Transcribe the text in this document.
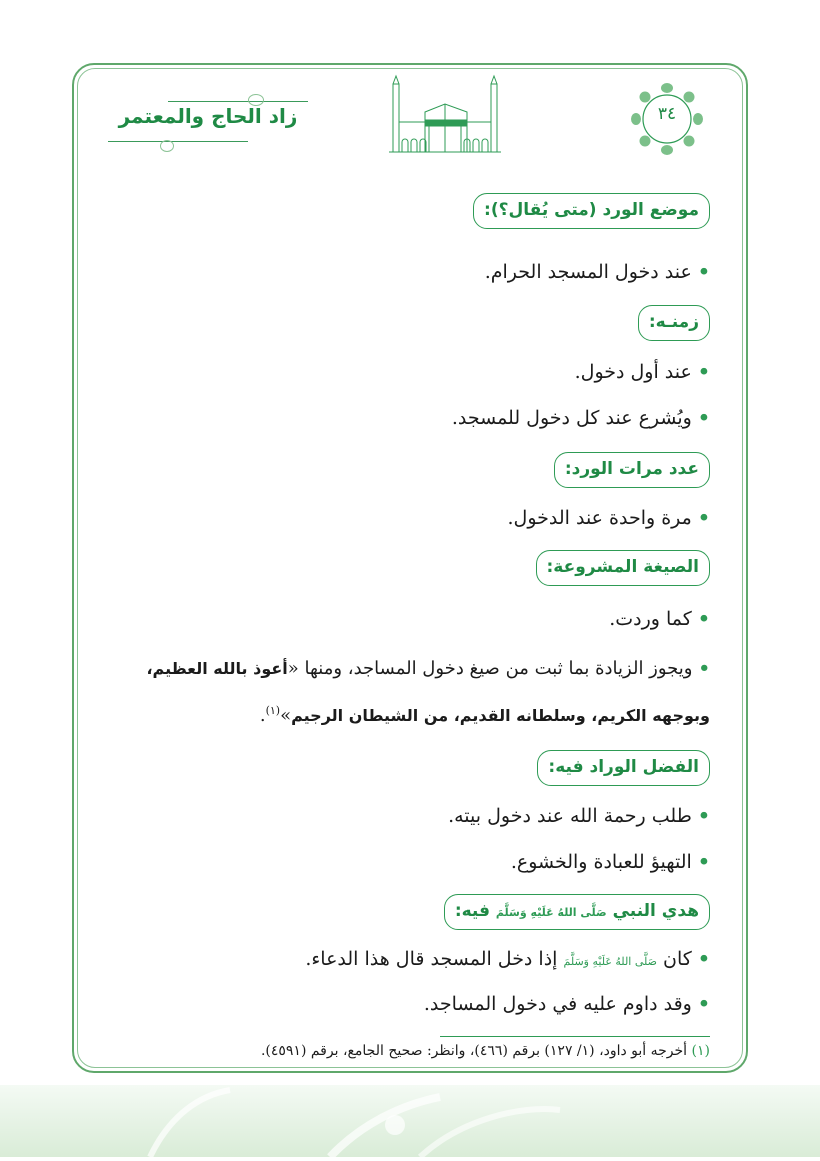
زاد الحاج والمعتمر	٣٤
موضع الورد (متى يُقال؟):
•عند دخول المسجد الحرام.
زمنـه:
•عند أول دخول.
•ويُشرع عند كل دخول للمسجد.
عدد مرات الورد:
•مرة واحدة عند الدخول.
الصيغة المشروعة:
•كما وردت.
•ويجوز الزيادة بما ثبت من صيغ دخول المساجد، ومنها «أعوذ بالله العظيم،
وبوجهه الكريم، وسلطانه القديم، من الشيطان الرجيم»$^{(١)}$.
الفضل الوراد فيه:
•طلب رحمة الله عند دخول بيته.
•التهيؤ للعبادة والخشوع.
هدي النبي صَلَّى اللهُ عَلَيْهِ وَسَلَّمَ فيه:
•كان صَلَّى اللهُ عَلَيْهِ وَسَلَّمَ إذا دخل المسجد قال هذا الدعاء.
•وقد داوم عليه في دخول المساجد.
(١) أخرجه أبو داود، (١/ ١٢٧) برقم (٤٦٦)، وانظر: صحيح الجامع، برقم (٤٥٩١).
